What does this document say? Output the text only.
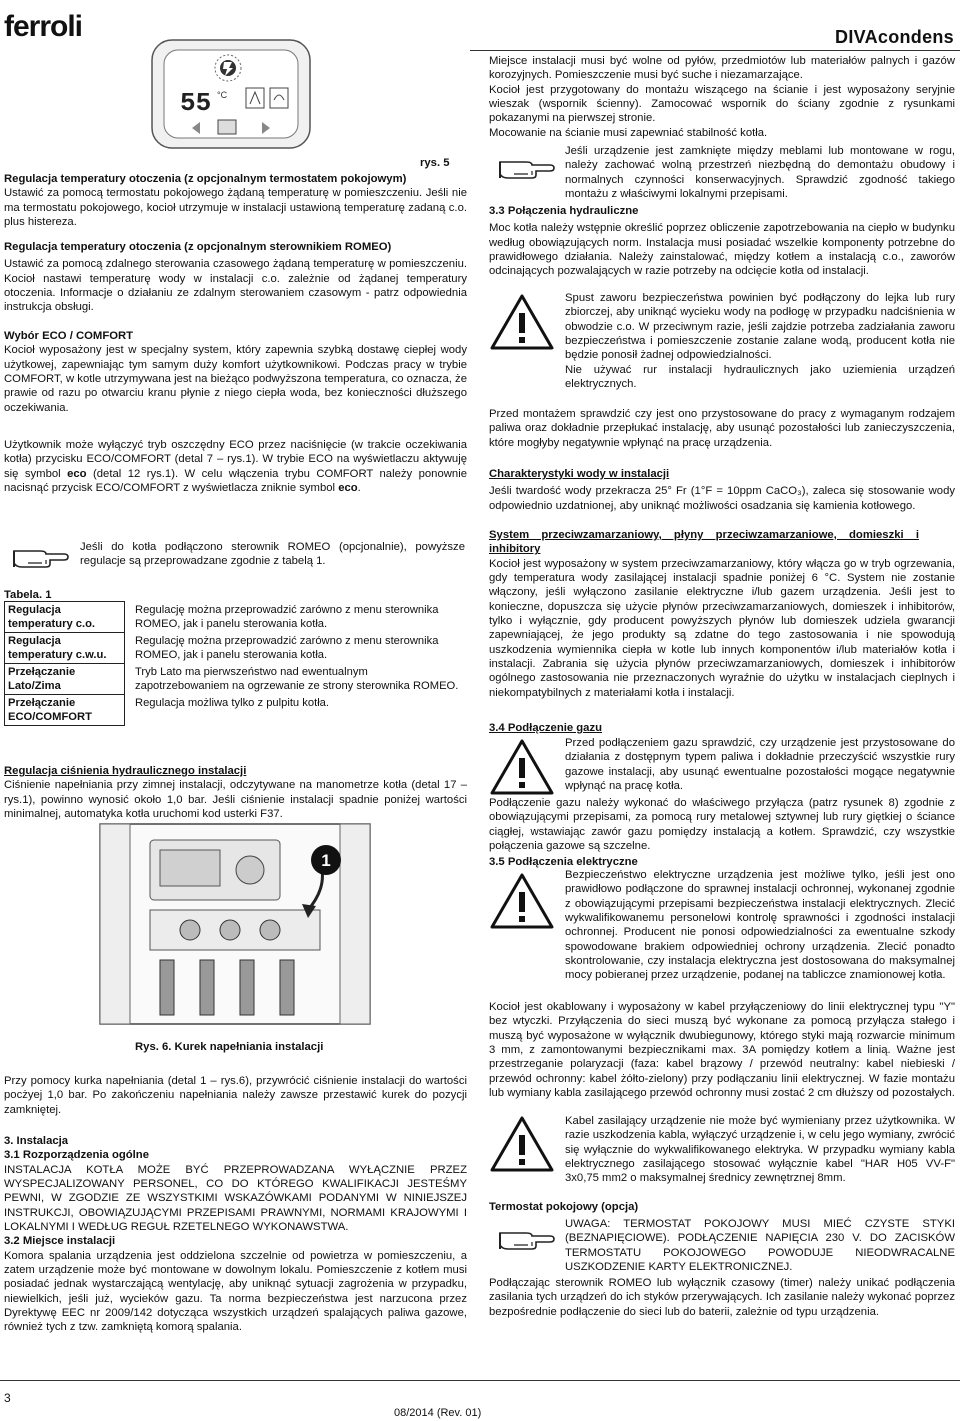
ferroli	DIVAcondens
55 °C
rys. 5

Regulacja temperatury otoczenia (z opcjonalnym termostatem pokojowym)

Ustawić za pomocą termostatu pokojowego żądaną temperaturę w pomieszczeniu. Jeśli nie ma termostatu pokojowego, kocioł utrzymuje w instalacji ustawioną temperaturę zadaną c.o. plus histereza.

Regulacja temperatury otoczenia (z opcjonalnym sterownikiem ROMEO)

Ustawić za pomocą zdalnego sterowania czasowego żądaną temperaturę w pomieszczeniu. Kocioł nastawi temperaturę wody w instalacji c.o. zależnie od żądanej temperatury otoczenia. Informacje o działaniu ze zdalnym sterowaniem czasowym - patrz odpowiednia instrukcja obsługi.

Wybór ECO / COMFORT

Kocioł wyposażony jest w specjalny system, który zapewnia szybką dostawę ciepłej wody użytkowej, zapewniając tym samym duży komfort użytkownikowi. Podczas pracy w trybie COMFORT, w kotle utrzymywana jest na bieżąco podwyższona temperatura, co oznacza, że prawie od razu po otwarciu kranu płynie z niego ciepła woda, bez konieczności dłuższego oczekiwania.

Użytkownik może wyłączyć tryb oszczędny ECO przez naciśnięcie (w trakcie oczekiwania kotła) przycisku ECO/COMFORT (detal 7 – rys.1). W trybie ECO na wyświetlaczu aktywuję się symbol eco (detal 12 rys.1). W celu włączenia trybu COMFORT należy ponownie nacisnąć przycisk ECO/COMFORT z wyświetlacza zniknie symbol eco.

Jeśli do kotła podłączono sterownik ROMEO (opcjonalnie), powyższe regulacje są przeprowadzane zgodnie z tabelą 1.

Tabela. 1
Regulacja temperatury c.o.	Regulację można przeprowadzić zarówno z menu sterownika ROMEO, jak i panelu sterowania kotła.
Regulacja temperatury c.w.u.	Regulację można przeprowadzić zarówno z menu sterownika ROMEO, jak i panelu sterowania kotła.
Przełączanie Lato/Zima	Tryb Lato ma pierwszeństwo nad ewentualnym zapotrzebowaniem na ogrzewanie ze strony sterownika ROMEO.
Przełączanie ECO/COMFORT	Regulacja możliwa tylko z pulpitu kotła.

Regulacja ciśnienia hydraulicznego instalacji

Ciśnienie napełniania przy zimnej instalacji, odczytywane na manometrze kotła (detal 17 – rys.1), powinno wynosić około 1,0 bar. Jeśli ciśnienie instalacji spadnie poniżej wartości minimalnej, automatyka kotła uruchomi kod usterki F37.

1
Rys. 6. Kurek napełniania instalacji

Przy pomocy kurka napełniania (detal 1 – rys.6), przywrócić ciśnienie instalacji do wartości pocżyej 1,0 bar. Po zakończeniu napełniania należy zawsze przestawić kurek do pozycji zamkniętej.

3. Instalacja

3.1 Rozporządzenia ogólne

INSTALACJA KOTŁA MOŻE BYĆ PRZEPROWADZANA WYŁĄCZNIE PRZEZ WYSPECJALIZOWANY PERSONEL, CO DO KTÓREGO KWALIFIKACJI JESTEŚMY PEWNI, W ZGODZIE ZE WSZYSTKIMI WSKAZÓWKAMI PODANYMI W NINIEJSZEJ INSTRUKCJI, OBOWIĄZUJĄCYMI PRZEPISAMI PRAWNYMI, NORMAMI KRAJOWYMI I LOKALNYMI I WEDŁUG REGUŁ RZETELNEGO WYKONAWSTWA.

3.2 Miejsce instalacji

Komora spalania urządzenia jest oddzielona szczelnie od powietrza w pomieszczeniu, a zatem urządzenie może być montowane w dowolnym lokalu. Pomieszczenie z kotłem musi posiadać jednak wystarczającą wentylację, aby uniknąć sytuacji zagrożenia w przypadku, niewielkich, jeśli już, wycieków gazu. Ta norma bezpieczeństwa jest narzucona przez Dyrektywę EEC nr 2009/142 dotycząca wszystkich urządzeń spalających paliwa gazowe, również tych z tzw. zamkniętą komorą spalania.

Miejsce instalacji musi być wolne od pyłów, przedmiotów lub materiałów palnych i gazów korozyjnych. Pomieszczenie musi być suche i niezamarzające.

Kocioł jest przygotowany do montażu wiszącego na ścianie i jest wyposażony seryjnie wieszak (wspornik ścienny). Zamocować wspornik do ściany zgodnie z rysunkami pokazanymi na pierwszej stronie.

Mocowanie na ścianie musi zapewniać stabilność kotła.

Jeśli urządzenie jest zamknięte między meblami lub montowane w rogu, należy zachować wolną przestrzeń niezbędną do demontażu obudowy i normalnych czynności konserwacyjnych. Sprawdzić zgodność takiego montażu z właściwymi lokalnymi przepisami.

3.3 Połączenia hydrauliczne

Moc kotła należy wstępnie określić poprzez obliczenie zapotrzebowania na ciepło w budynku według obowiązujących norm. Instalacja musi posiadać wszelkie komponenty potrzebne do prawidłowego działania. Należy zainstalować, między kotłem a instalacją c.o., zaworów odcinających pozwalających w razie potrzeby na odcięcie kotła od instalacji.

Spust zaworu bezpieczeństwa powinien być podłączony do lejka lub rury zbiorczej, aby uniknąć wycieku wody na podłogę w przypadku nadciśnienia w obwodzie c.o. W przeciwnym razie, jeśli zajdzie potrzeba zadziałania zaworu bezpieczeństwa i pomieszczenie zostanie zalane wodą, producent kotła nie będzie ponosił żadnej odpowiedzialności.

Nie używać rur instalacji hydraulicznych jako uziemienia urządzeń elektrycznych.

Przed montażem sprawdzić czy jest ono przystosowane do pracy z wymaganym rodzajem paliwa oraz dokładnie przepłukać instalację, aby usunąć pozostałości lub zanieczyszczenia, które mogłyby negatywnie wpłynąć na pracę urządzenia.

Charakterystyki wody w instalacji

Jeśli twardość wody przekracza 25° Fr (1°F = 10ppm CaCO₃), zaleca się stosowanie wody odpowiednio uzdatnionej, aby uniknąć możliwości osadzania się kamienia kotłowego.

System przeciwzamarzaniowy, płyny przeciwzamarzaniowe, domieszki i inhibitory

Kocioł jest wyposażony w system przeciwzamarzaniowy, który włącza go w tryb ogrzewania, gdy temperatura wody zasilającej instalacji spadnie poniżej 6 °C. System nie zostanie włączony, jeśli wyłączono zasilanie elektryczne i/lub gazem urządzenia. Jeśli jest to konieczne, dopuszcza się użycie płynów przeciwzamarzaniowych, domieszek i inhibitorów, tylko i wyłącznie, gdy producent powyższych płynów lub domieszek udziela gwarancji zapewniającej, że jego produkty są zdatne do tego zastosowania i nie spowodują uszkodzenia wymiennika ciepła w kotle lub innych komponentów i/lub materiałów kotła i instalacji. Zabrania się użycia płynów przeciwzamarzaniowych, domieszek i inhibitorów ogólnego zastosowania nie przeznaczonych wyraźnie do użytku w instalacjach cieplnych i niekompatybilnych z materiałami kotła i instalacji.

3.4 Podłączenie gazu

Przed podłączeniem gazu sprawdzić, czy urządzenie jest przystosowane do działania z dostępnym typem paliwa i dokładnie przeczyścić wszystkie rury gazowe instalacji, aby usunąć ewentualne pozostałości mogące negatywnie wpłynąć na pracę kotła.

Podłączenie gazu należy wykonać do właściwego przyłącza (patrz rysunek 8) zgodnie z obowiązującymi przepisami, za pomocą rury metalowej sztywnej lub rury giętkiej o ściance ciągłej, wstawiając zawór gazu pomiędzy instalacją a kotłem. Sprawdzić, czy wszystkie połączenia gazowe są szczelne.

3.5 Podłączenia elektryczne

Bezpieczeństwo elektryczne urządzenia jest możliwe tylko, jeśli jest ono prawidłowo podłączone do sprawnej instalacji ochronnej, wykonanej zgodnie z obowiązującymi przepisami bezpieczeństwa instalacji elektrycznych. Zlecić wykwalifikowanemu personelowi kontrolę sprawności i zgodności instalacji ochronnej. Producent nie ponosi odpowiedzialności za ewentualne szkody spowodowane brakiem odpowiedniej ochrony urządzenia. Zlecić ponadto skontrolowanie, czy instalacja elektryczna jest dostosowana do maksymalnej mocy pobieranej przez urządzenie, podanej na tabliczce znamionowej kotła.

Kocioł jest okablowany i wyposażony w kabel przyłączeniowy do linii elektrycznej typu "Y" bez wtyczki. Przyłączenia do sieci muszą być wykonane za pomocą przyłącza stałego i muszą być wyposażone w wyłącznik dwubiegunowy, którego styki mają rozwarcie minimum 3 mm, z zamontowanymi bezpiecznikami max. 3A pomiędzy kotłem a linią. Ważne jest przestrzeganie polaryzacji (faza: kabel brązowy / przewód neutralny: kabel niebieski / przewód ochronny: kabel żółto-zielony) przy podłączaniu linii elektrycznej. W fazie montażu lub wymiany kabla zasilającego przewód ochronny musi zostać 2 cm dłuższy od pozostałych.

Kabel zasilający urządzenie nie może być wymieniany przez użytkownika. W razie uszkodzenia kabla, wyłączyć urządzenie i, w celu jego wymiany, zwrócić się wyłącznie do wykwalifikowanego elektryka. W przypadku wymiany kabla elektrycznego zasilającego stosować wyłącznie kabel "HAR H05 VV-F" 3x0,75 mm2 o maksymalnej średnicy zewnętrznej 8mm.

Termostat pokojowy (opcja)

UWAGA: TERMOSTAT POKOJOWY MUSI MIEĆ CZYSTE STYKI (BEZNAPIĘCIOWE). PODŁĄCZENIE NAPIĘCIA 230 V. DO ZACISKÓW TERMOSTATU POKOJOWEGO POWODUJE NIEODWRACALNE USZKODZENIE KARTY ELEKTRONICZNEJ.

Podłączając sterownik ROMEO lub wyłącznik czasowy (timer) należy unikać podłączenia zasilania tych urządzeń do ich styków przerywających. Ich zasilanie należy wykonać poprzez bezpośrednie podłączenie do sieci lub do baterii, zależnie od typu urządzenia.

3
08/2014 (Rev. 01)
